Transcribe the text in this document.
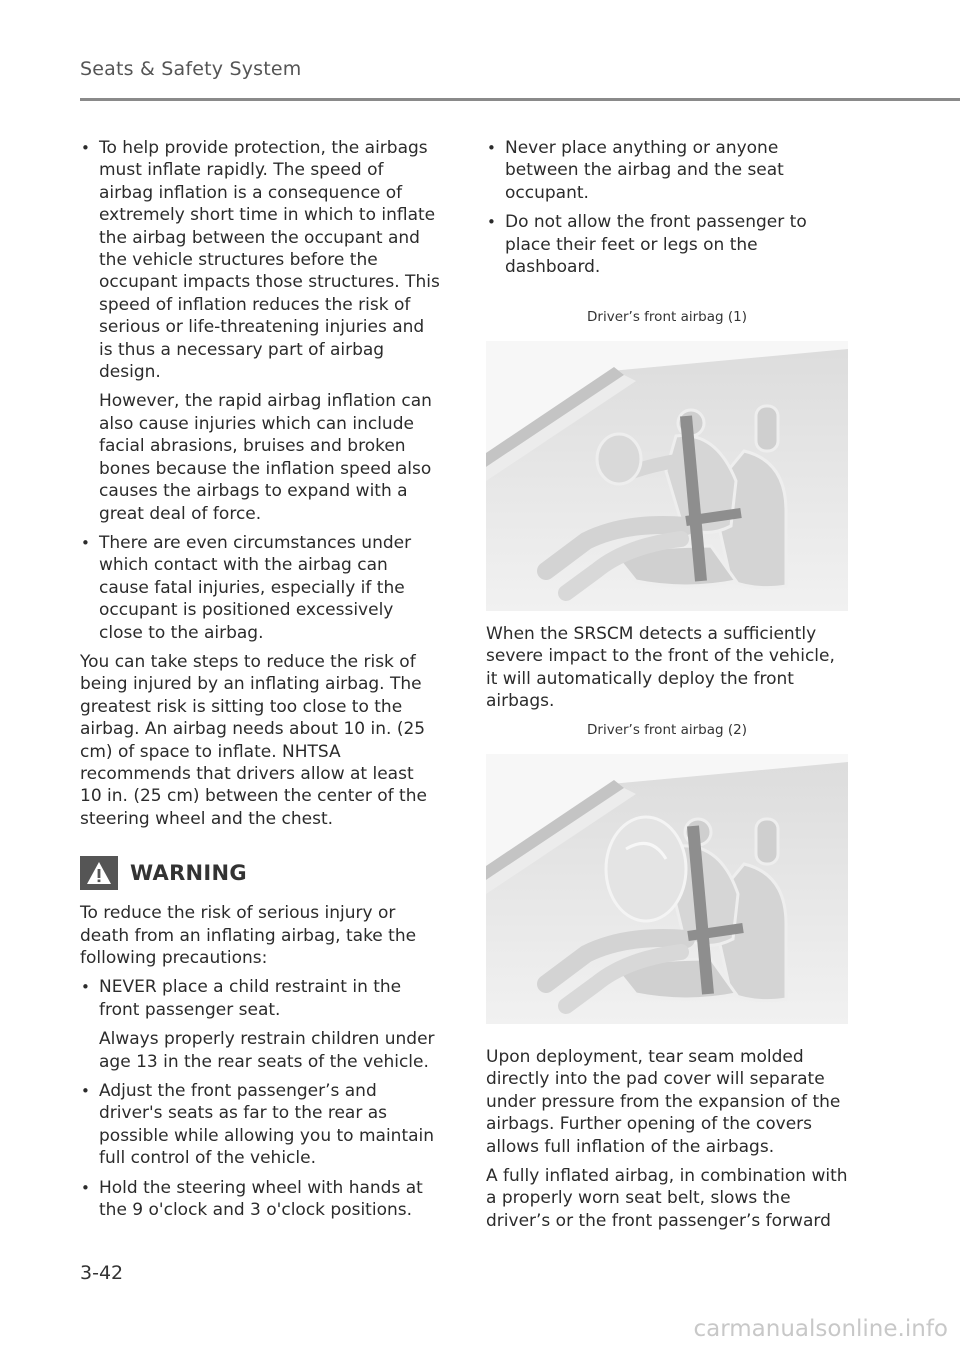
Seats & Safety System
• To help provide protection, the airbags must inflate rapidly. The speed of airbag inflation is a consequence of extremely short time in which to inflate the airbag between the occupant and the vehicle structures before the occupant impacts those structures. This speed of inflation reduces the risk of serious or life-threatening injuries and is thus a necessary part of airbag design.
However, the rapid airbag inflation can also cause injuries which can include facial abrasions, bruises and broken bones because the inflation speed also causes the airbags to expand with a great deal of force.
• There are even circumstances under which contact with the airbag can cause fatal injuries, especially if the occupant is positioned excessively close to the airbag.

You can take steps to reduce the risk of being injured by an inflating airbag. The greatest risk is sitting too close to the airbag. An airbag needs about 10 in. (25 cm) of space to inflate. NHTSA recommends that drivers allow at least 10 in. (25 cm) between the center of the steering wheel and the chest.

WARNING

To reduce the risk of serious injury or death from an inflating airbag, take the following precautions:

• NEVER place a child restraint in the front passenger seat.
Always properly restrain children under age 13 in the rear seats of the vehicle.
• Adjust the front passenger’s and driver's seats as far to the rear as possible while allowing you to maintain full control of the vehicle.
• Hold the steering wheel with hands at the 9 o'clock and 3 o'clock positions.
• Never place anything or anyone between the airbag and the seat occupant.
• Do not allow the front passenger to place their feet or legs on the dashboard.
Driver’s front airbag (1)

When the SRSCM detects a sufficiently severe impact to the front of the vehicle, it will automatically deploy the front airbags.

Driver’s front airbag (2)

Upon deployment, tear seam molded directly into the pad cover will separate under pressure from the expansion of the airbags. Further opening of the covers allows full inflation of the airbags.

A fully inflated airbag, in combination with a properly worn seat belt, slows the driver’s or the front passenger’s forward

3-42
carmanualsonline.info
